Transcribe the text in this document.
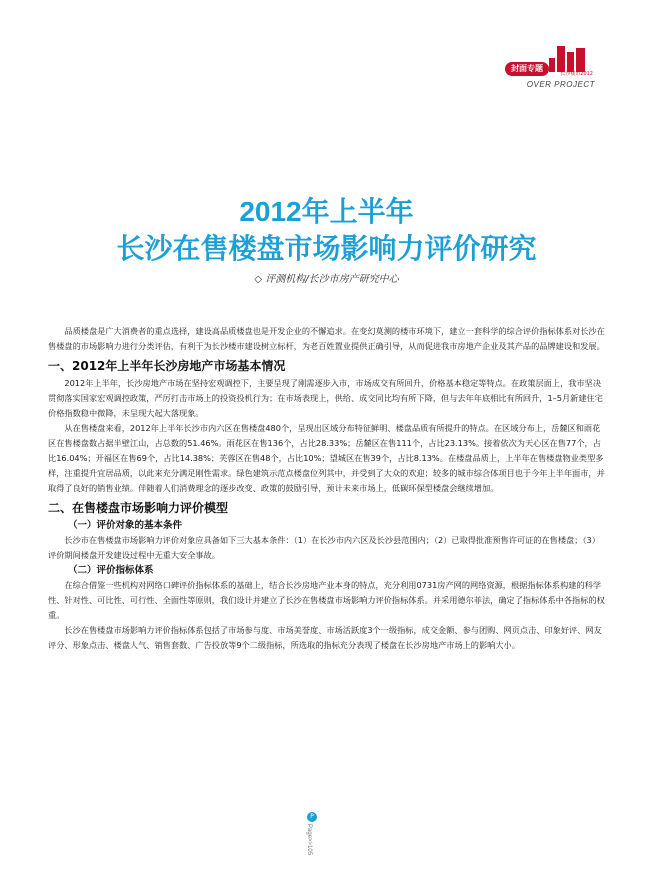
长沙楼市2012
封面专题
OVER PROJECT
2012年上半年
长沙在售楼盘市场影响力评价研究
◇ 评测机构/长沙市房产研究中心

品质楼盘是广大消费者的重点选择，建设高品质楼盘也是开发企业的不懈追求。在变幻莫测的楼市环境下，建立一套科学的综合评价指标体系对长沙在售楼盘的市场影响力进行分类评估，有利于为长沙楼市建设树立标杆，为老百姓置业提供正确引导，从而促进我市房地产企业及其产品的品牌建设和发展。

一、2012年上半年长沙房地产市场基本情况

2012年上半年，长沙房地产市场在坚持宏观调控下，主要呈现了刚需逐步入市，市场成交有所回升，价格基本稳定等特点。在政策层面上，我市坚决贯彻落实国家宏观调控政策，严厉打击市场上的投资投机行为；在市场表现上，供给、成交同比均有所下降，但与去年年底相比有所回升，1–5月新建住宅价格指数稳中微降，未呈现大起大落现象。

从在售楼盘来看，2012年上半年长沙市内六区在售楼盘480个，呈现出区域分布特征鲜明、楼盘品质有所提升的特点。在区域分布上，岳麓区和雨花区在售楼盘数占据半壁江山，占总数的51.46%。雨花区在售136个，占比28.33%；岳麓区在售111个，占比23.13%。接着依次为天心区在售77个，占比16.04%；开福区在售69个，占比14.38%；芙蓉区在售48个，占比10%；望城区在售39个，占比8.13%。在楼盘品质上，上半年在售楼盘物业类型多样，注重提升宜居品质，以此来充分满足刚性需求。绿色建筑示范点楼盘位列其中，并受到了大众的欢迎；较多的城市综合体项目也于今年上半年面市，并取得了良好的销售业绩。伴随着人们消费理念的逐步改变、政策的鼓励引导，预计未来市场上，低碳环保型楼盘会继续增加。

二、在售楼盘市场影响力评价模型
（一）评价对象的基本条件

长沙市在售楼盘市场影响力评价对象应具备如下三大基本条件：（1）在长沙市内六区及长沙县范围内；（2）已取得批准预售许可证的在售楼盘；（3）评价期间楼盘开发建设过程中无重大安全事故。

（二）评价指标体系

在综合借鉴一些机构对网络口碑评价指标体系的基础上，结合长沙房地产业本身的特点，充分利用0731房产网的网络资源，根据指标体系构建的科学性、针对性、可比性、可行性、全面性等原则，我们设计并建立了长沙在售楼盘市场影响力评价指标体系。并采用德尔菲法，确定了指标体系中各指标的权重。

长沙在售楼盘市场影响力评价指标体系包括了市场参与度、市场美誉度、市场活跃度3个一级指标，成交金额、参与团购、网页点击、印象好评、网友评分、形象点击、楼盘人气、销售套数、广告投放等9个二级指标，所选取的指标充分表现了楼盘在长沙房地产市场上的影响大小。

P
Page>>105
